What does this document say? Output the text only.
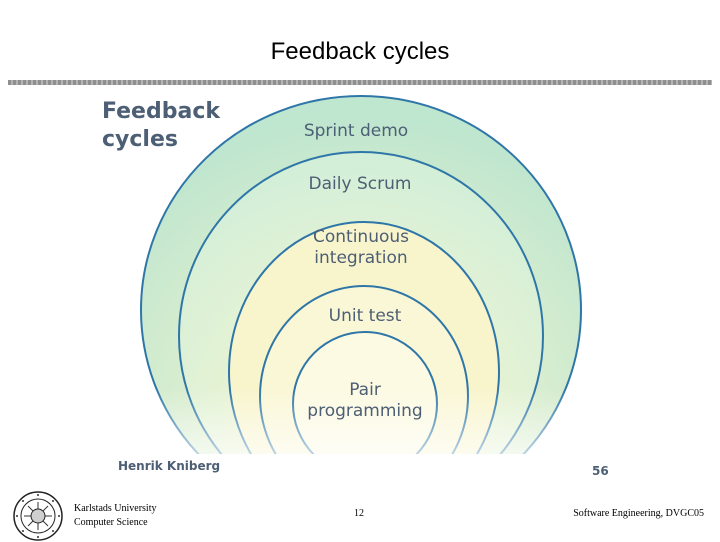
Feedback cycles
Feedback
cycles	Sprint demo
Daily Scrum
Continuous
integration
Unit test
Pair
programming
Henrik Kniberg	56
Karlstads University
Computer Science
12	Software Engineering, DVGC05
